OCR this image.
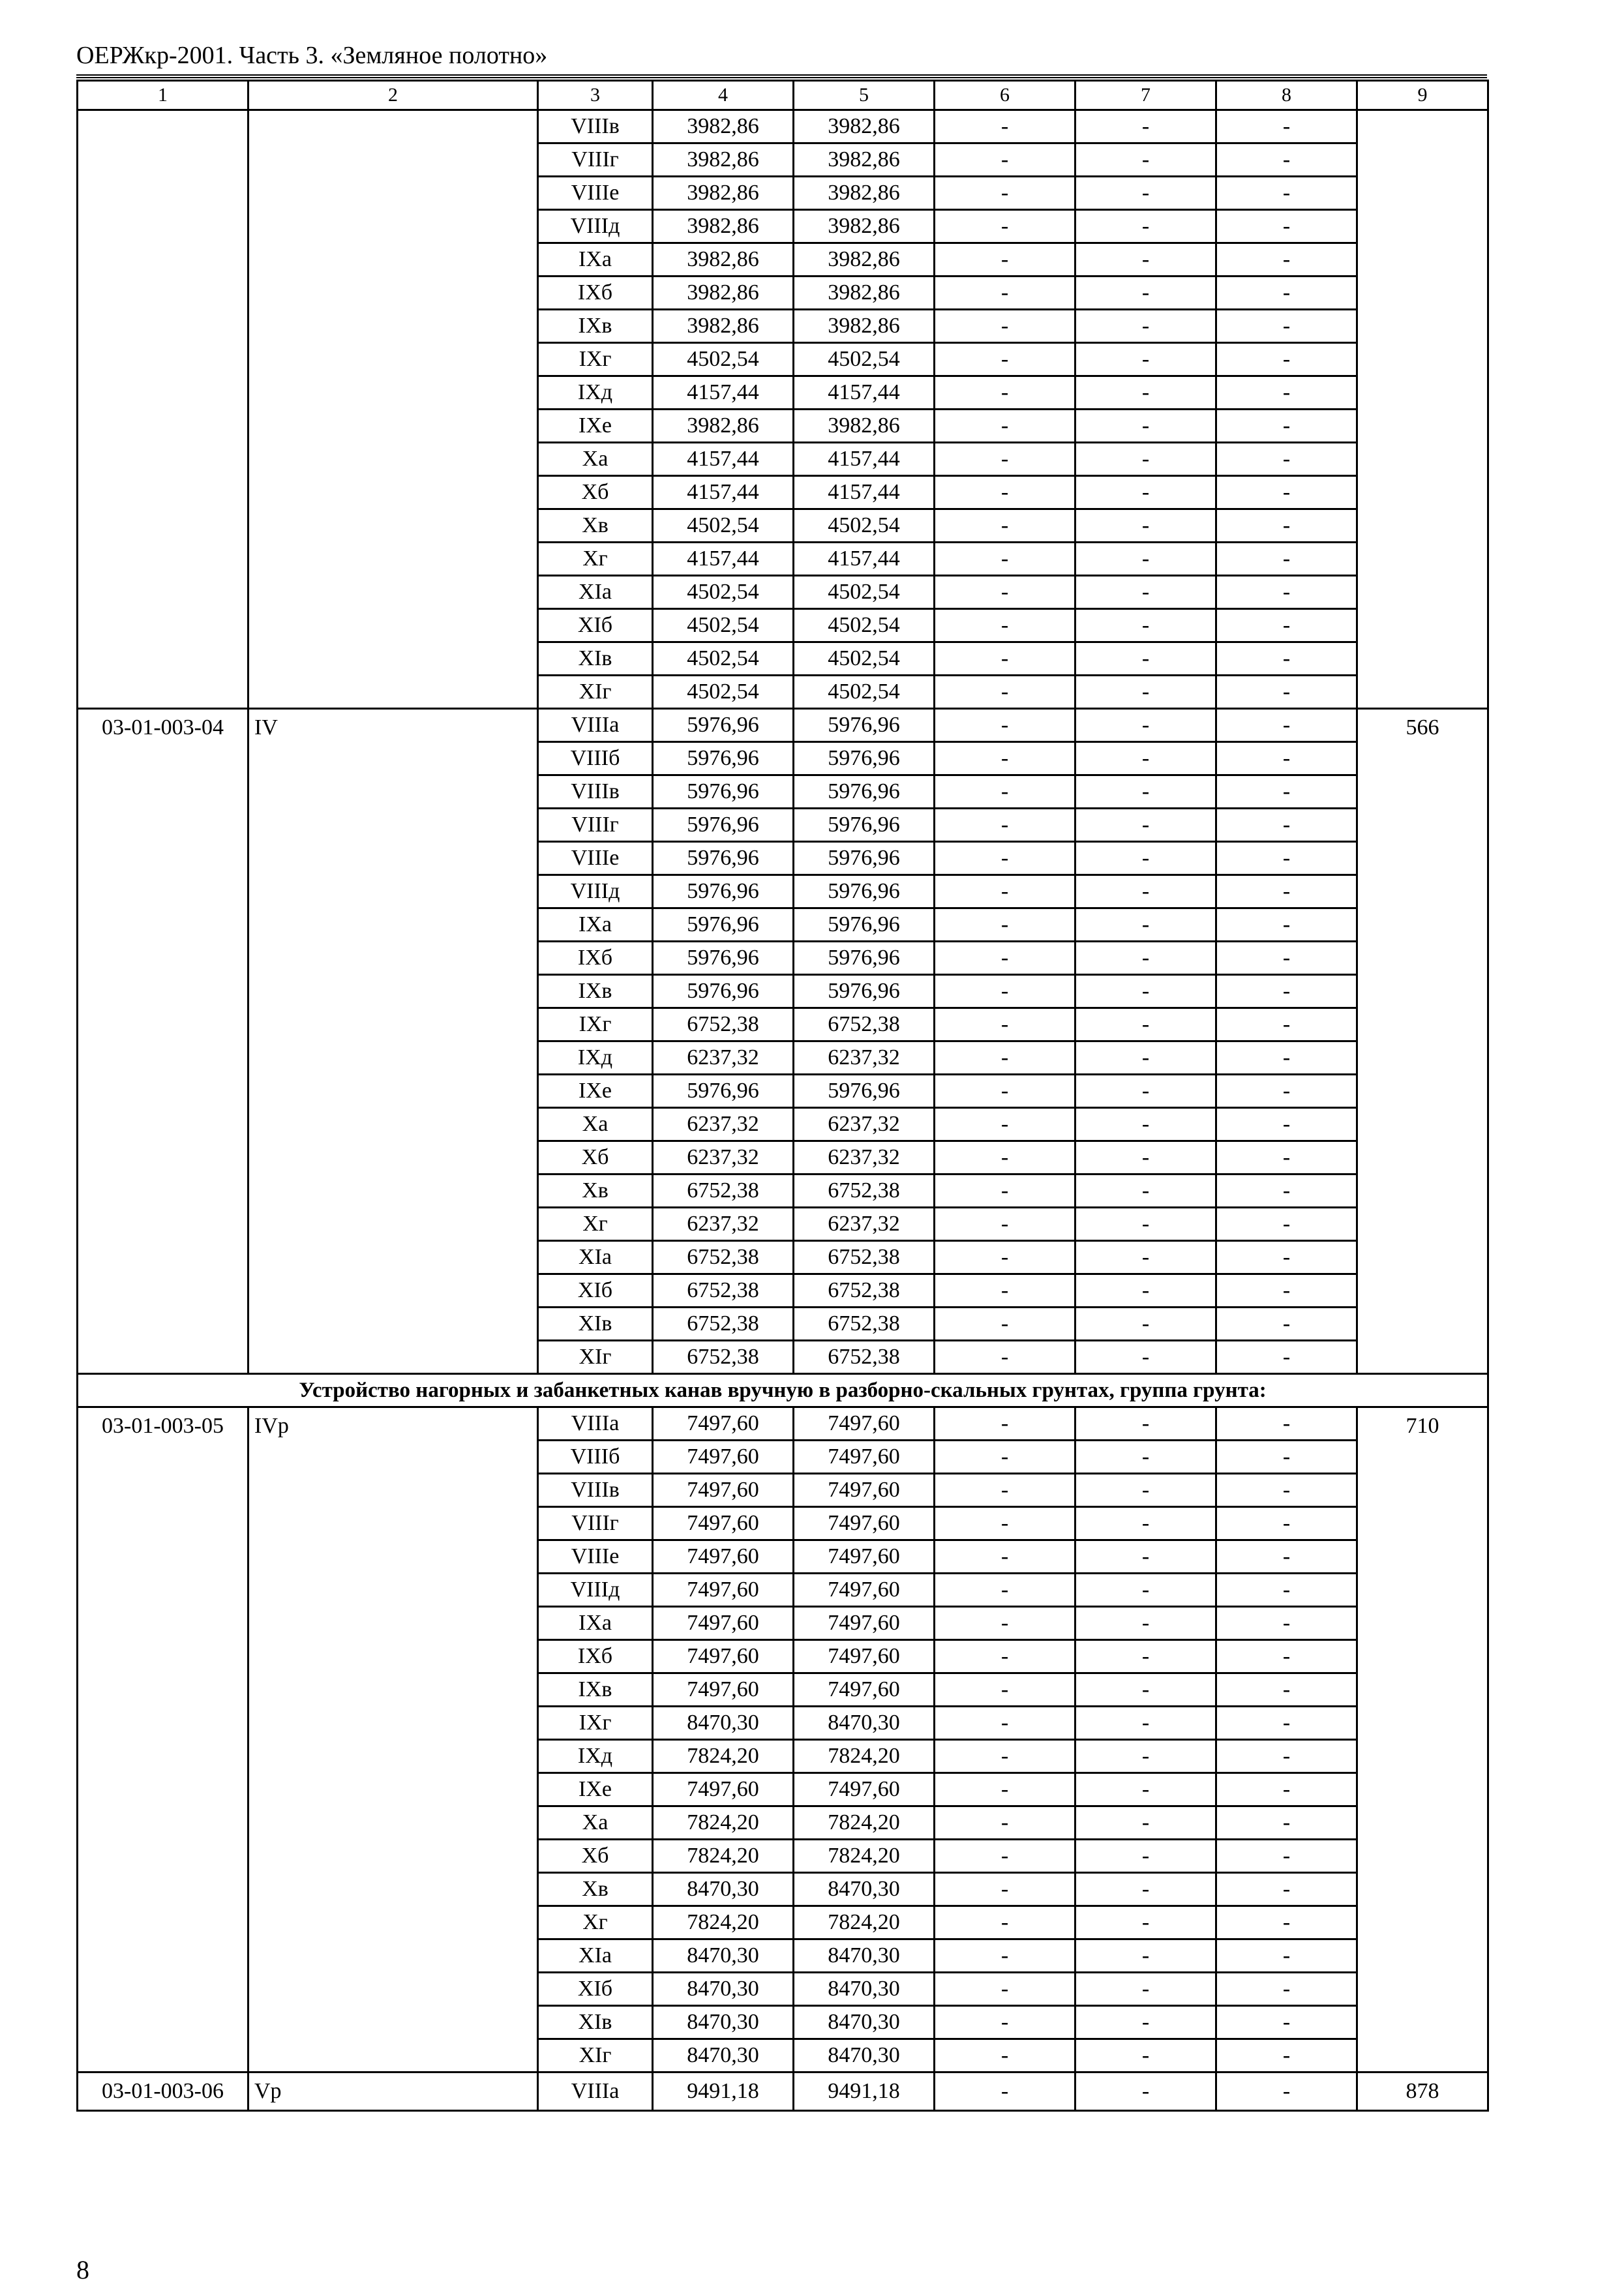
ОЕРЖкр-2001. Часть 3. «Земляное полотно»
1	2	3	4	5	6	7	8	9
		VIIIв	3982,86	3982,86	-	-	-	
		VIIIг	3982,86	3982,86	-	-	-	
		VIIIе	3982,86	3982,86	-	-	-	
		VIIIд	3982,86	3982,86	-	-	-	
		IXа	3982,86	3982,86	-	-	-	
		IXб	3982,86	3982,86	-	-	-	
		IXв	3982,86	3982,86	-	-	-	
		IXг	4502,54	4502,54	-	-	-	
		IXд	4157,44	4157,44	-	-	-	
		IXе	3982,86	3982,86	-	-	-	
		Xа	4157,44	4157,44	-	-	-	
		Xб	4157,44	4157,44	-	-	-	
		Xв	4502,54	4502,54	-	-	-	
		Xг	4157,44	4157,44	-	-	-	
		XIа	4502,54	4502,54	-	-	-	
		XIб	4502,54	4502,54	-	-	-	
		XIв	4502,54	4502,54	-	-	-	
		XIг	4502,54	4502,54	-	-	-	
03-01-003-04	IV	VIIIа	5976,96	5976,96	-	-	-	566
		VIIIб	5976,96	5976,96	-	-	-	
		VIIIв	5976,96	5976,96	-	-	-	
		VIIIг	5976,96	5976,96	-	-	-	
		VIIIе	5976,96	5976,96	-	-	-	
		VIIIд	5976,96	5976,96	-	-	-	
		IXа	5976,96	5976,96	-	-	-	
		IXб	5976,96	5976,96	-	-	-	
		IXв	5976,96	5976,96	-	-	-	
		IXг	6752,38	6752,38	-	-	-	
		IXд	6237,32	6237,32	-	-	-	
		IXе	5976,96	5976,96	-	-	-	
		Xа	6237,32	6237,32	-	-	-	
		Xб	6237,32	6237,32	-	-	-	
		Xв	6752,38	6752,38	-	-	-	
		Xг	6237,32	6237,32	-	-	-	
		XIа	6752,38	6752,38	-	-	-	
		XIб	6752,38	6752,38	-	-	-	
		XIв	6752,38	6752,38	-	-	-	
		XIг	6752,38	6752,38	-	-	-	
Устройство нагорных и забанкетных канав вручную в разборно-скальных грунтах, группа грунта:								
03-01-003-05	IVр	VIIIа	7497,60	7497,60	-	-	-	710
		VIIIб	7497,60	7497,60	-	-	-	
		VIIIв	7497,60	7497,60	-	-	-	
		VIIIг	7497,60	7497,60	-	-	-	
		VIIIе	7497,60	7497,60	-	-	-	
		VIIIд	7497,60	7497,60	-	-	-	
		IXа	7497,60	7497,60	-	-	-	
		IXб	7497,60	7497,60	-	-	-	
		IXв	7497,60	7497,60	-	-	-	
		IXг	8470,30	8470,30	-	-	-	
		IXд	7824,20	7824,20	-	-	-	
		IXе	7497,60	7497,60	-	-	-	
		Xа	7824,20	7824,20	-	-	-	
		Xб	7824,20	7824,20	-	-	-	
		Xв	8470,30	8470,30	-	-	-	
		Xг	7824,20	7824,20	-	-	-	
		XIа	8470,30	8470,30	-	-	-	
		XIб	8470,30	8470,30	-	-	-	
		XIв	8470,30	8470,30	-	-	-	
		XIг	8470,30	8470,30	-	-	-	
03-01-003-06	Vр	VIIIа	9491,18	9491,18	-	-	-	878
8
